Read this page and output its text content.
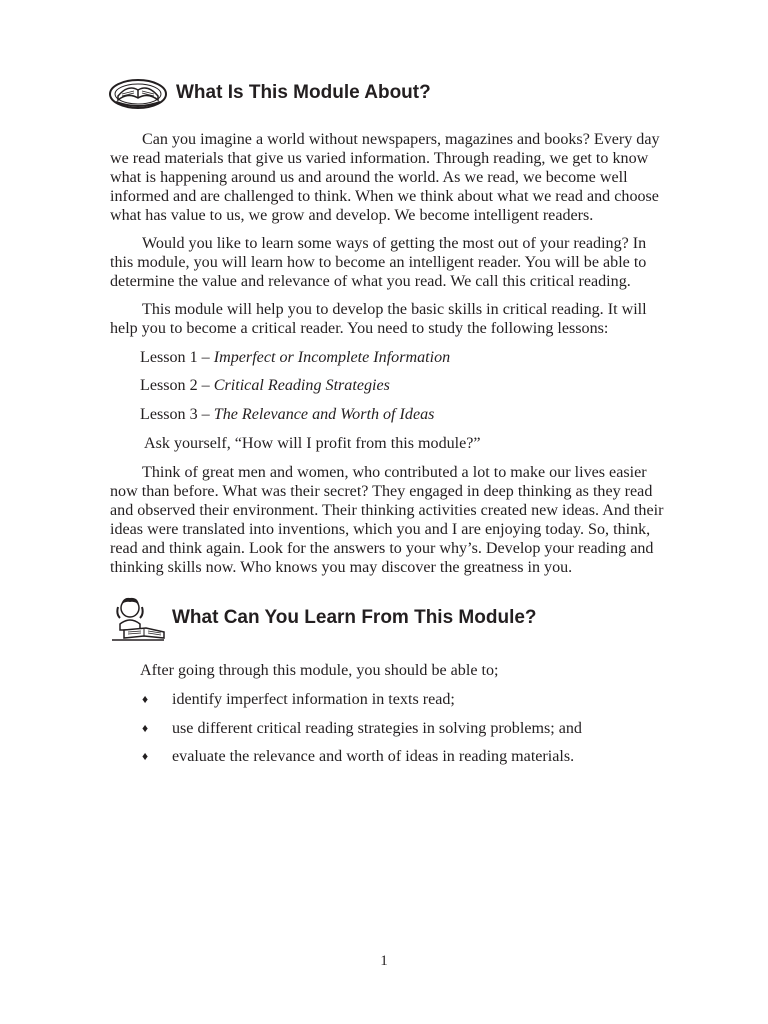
What Is This Module About?

Can you imagine a world without newspapers, magazines and books? Every day we read materials that give us varied information. Through reading, we get to know what is happening around us and around the world. As we read, we become well informed and are challenged to think. When we think about what we read and choose what has value to us, we grow and develop. We become intelligent readers.

Would you like to learn some ways of getting the most out of your reading? In this module, you will learn how to become an intelligent reader. You will be able to determine the value and relevance of what you read. We call this critical reading.

This module will help you to develop the basic skills in critical reading. It will help you to become a critical reader. You need to study the following lessons:

Lesson 1 – Imperfect or Incomplete Information
Lesson 2 – Critical Reading Strategies
Lesson 3 – The Relevance and Worth of Ideas
Ask yourself, “How will I profit from this module?”

Think of great men and women, who contributed a lot to make our lives easier now than before. What was their secret? They engaged in deep thinking as they read and observed their environment. Their thinking activities created new ideas. And their ideas were translated into inventions, which you and I are enjoying today. So, think, read and think again. Look for the answers to your why’s. Develop your reading and thinking skills now. Who knows you may discover the greatness in you.

What Can You Learn From This Module?
After going through this module, you should be able to;
♦ identify imperfect information in texts read;
♦ use different critical reading strategies in solving problems; and
♦ evaluate the relevance and worth of ideas in reading materials.
1
